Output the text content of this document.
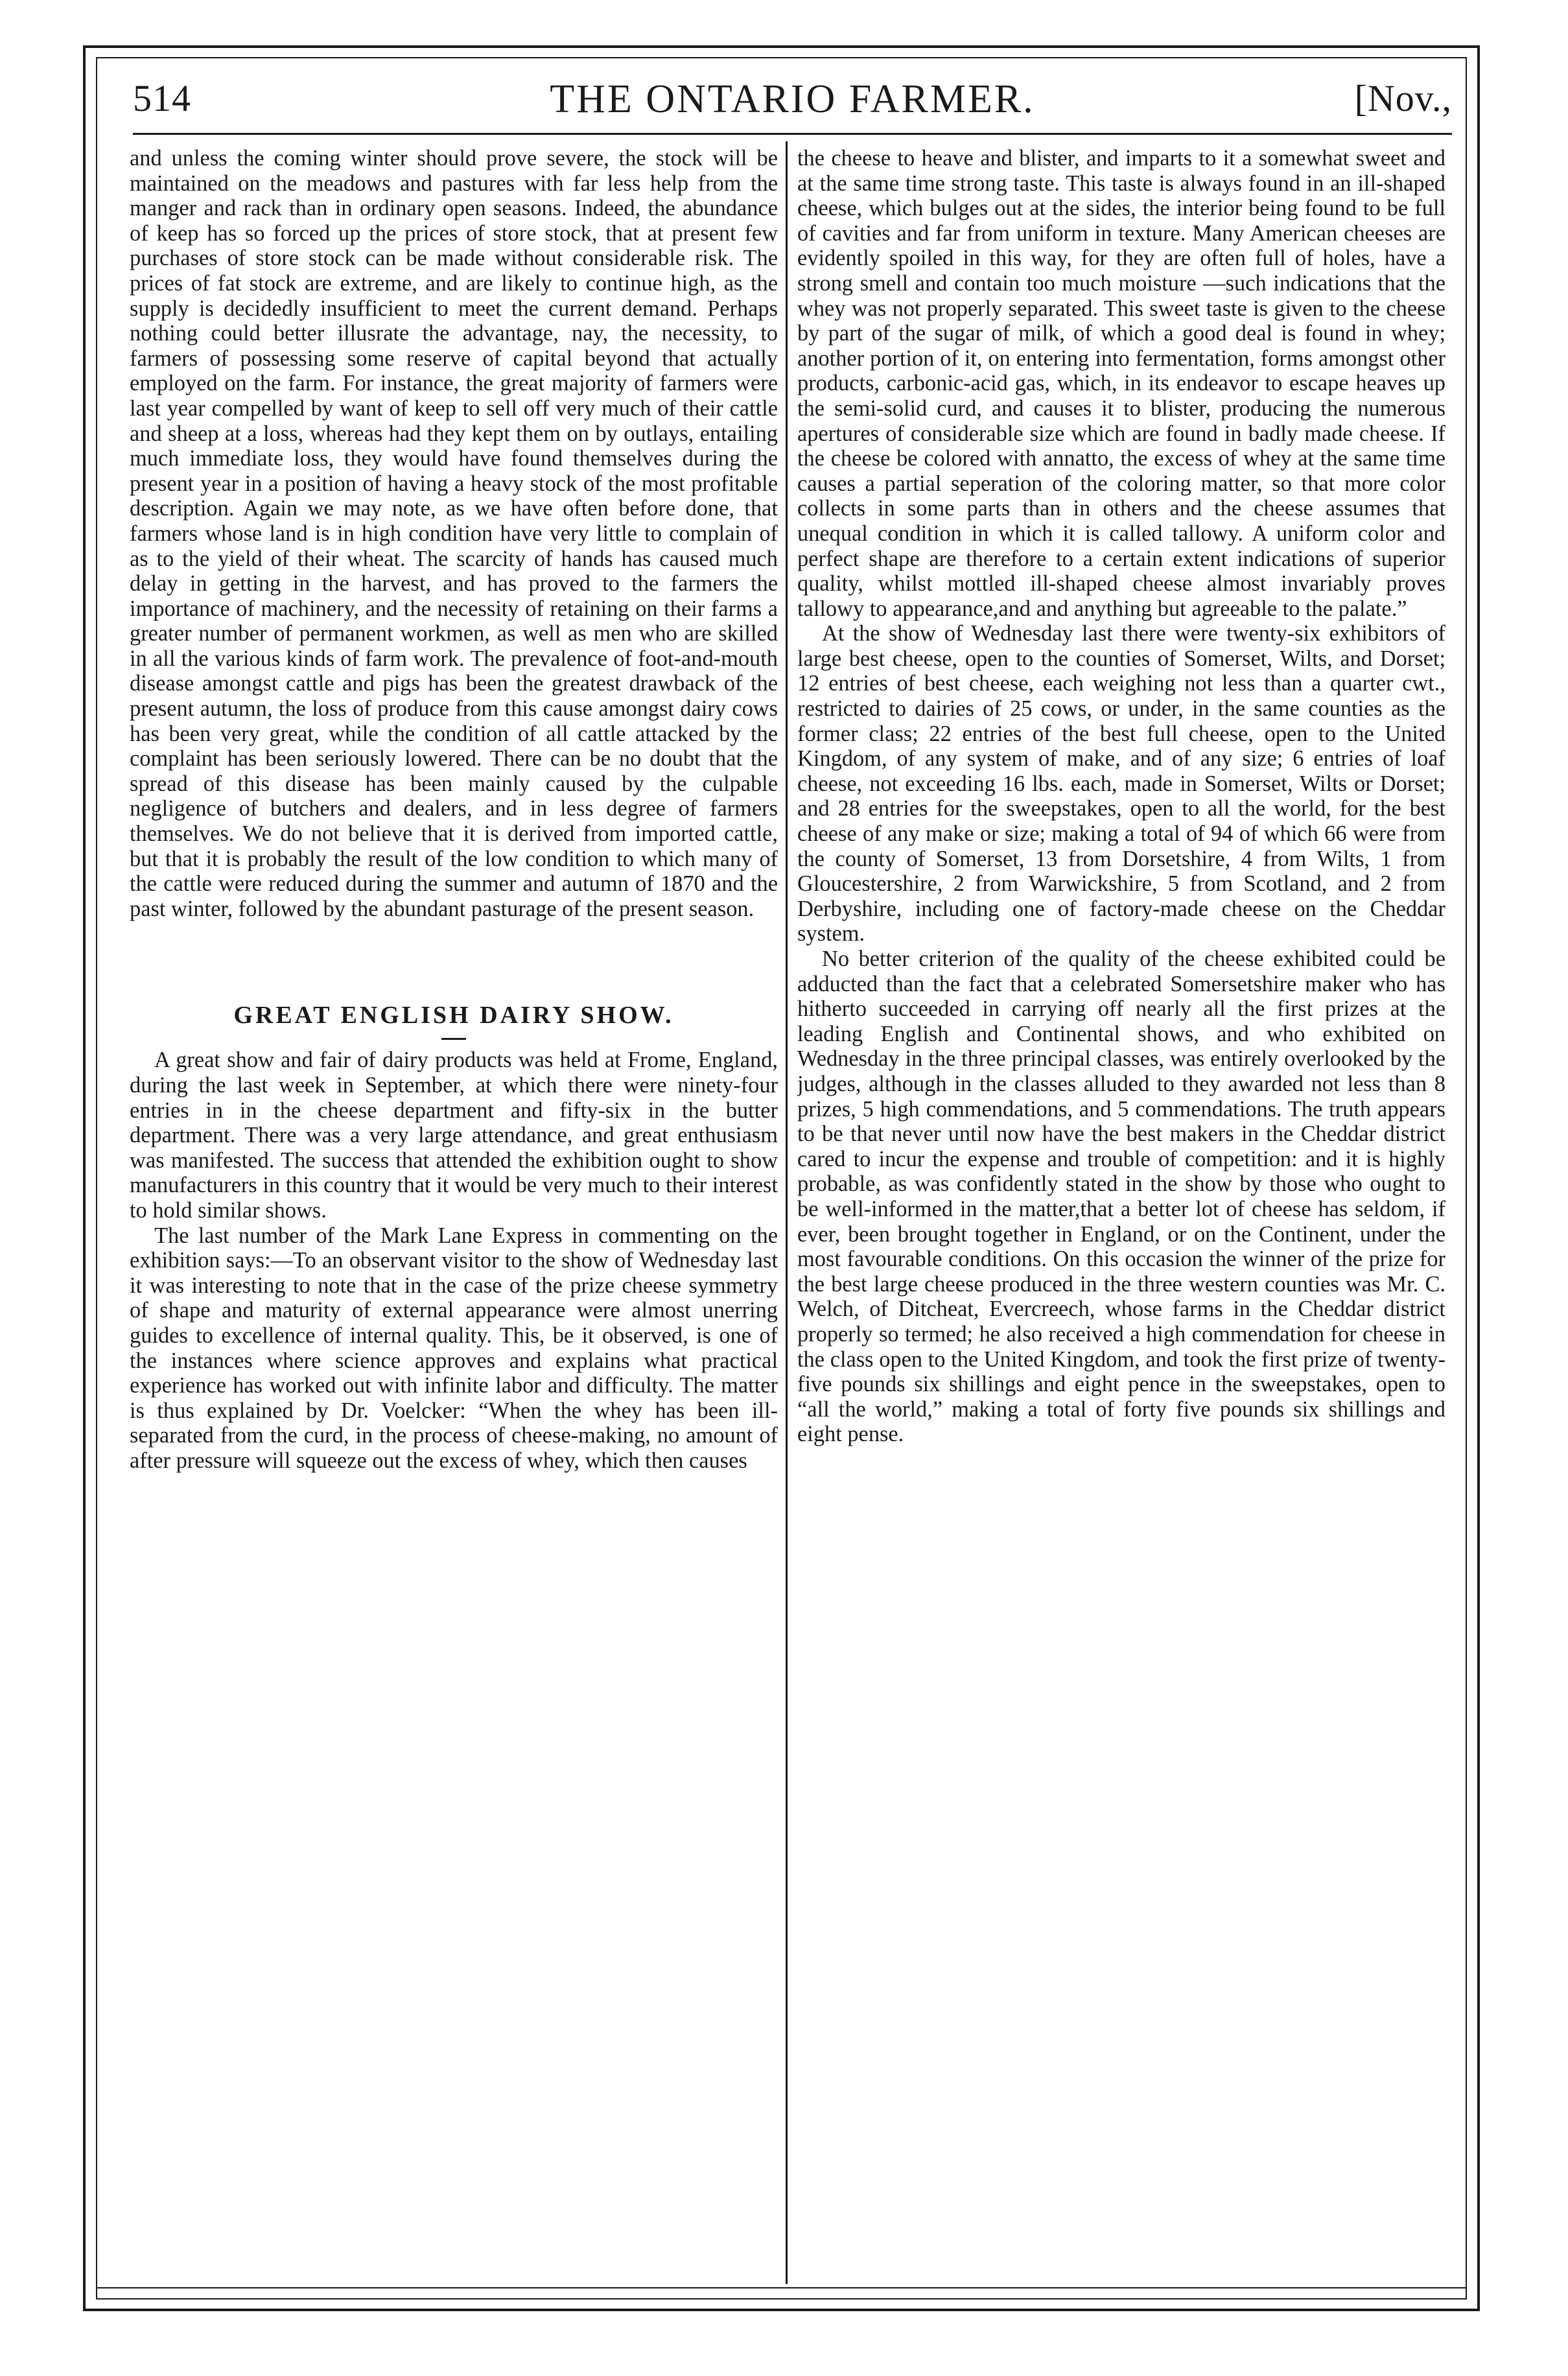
514	THE ONTARIO FARMER.	[Nov.,

and unless the coming winter should prove severe, the stock will be maintained on the meadows and pastures with far less help from the manger and rack than in ordinary open seasons. Indeed, the abundance of keep has so forced up the prices of store stock, that at present few purchases of store stock can be made without considerable risk. The prices of fat stock are extreme, and are likely to continue high, as the supply is decidedly insufficient to meet the current demand. Perhaps nothing could better illusrate the advantage, nay, the necessity, to farmers of possessing some reserve of capital beyond that actually employed on the farm. For instance, the great majority of farmers were last year compelled by want of keep to sell off very much of their cattle and sheep at a loss, whereas had they kept them on by outlays, entailing much immediate loss, they would have found themselves during the present year in a position of having a heavy stock of the most profitable description. Again we may note, as we have often before done, that farmers whose land is in high condition have very little to complain of as to the yield of their wheat. The scarcity of hands has caused much delay in getting in the harvest, and has proved to the farmers the importance of machinery, and the necessity of retaining on their farms a greater number of permanent workmen, as well as men who are skilled in all the various kinds of farm work. The prevalence of foot-and-mouth disease amongst cattle and pigs has been the greatest drawback of the present autumn, the loss of produce from this cause amongst dairy cows has been very great, while the condition of all cattle attacked by the complaint has been seriously lowered. There can be no doubt that the spread of this disease has been mainly caused by the culpable negligence of butchers and dealers, and in less degree of farmers themselves. We do not believe that it is derived from imported cattle, but that it is probably the result of the low condition to which many of the cattle were reduced during the summer and autumn of 1870 and the past winter, followed by the abundant pasturage of the present season.

GREAT ENGLISH DAIRY SHOW.

A great show and fair of dairy products was held at Frome, England, during the last week in September, at which there were ninety-four entries in in the cheese department and fifty-six in the butter department. There was a very large attendance, and great enthusiasm was manifested. The success that attended the exhibition ought to show manufacturers in this country that it would be very much to their interest to hold similar shows.

The last number of the Mark Lane Express in commenting on the exhibition says:—To an observant visitor to the show of Wednesday last it was interesting to note that in the case of the prize cheese symmetry of shape and maturity of external appearance were almost unerring guides to excellence of internal quality. This, be it observed, is one of the instances where science approves and explains what practical experience has worked out with infinite labor and difficulty. The matter is thus explained by Dr. Voelcker: “When the whey has been ill-separated from the curd, in the process of cheese-making, no amount of after pressure will squeeze out the excess of whey, which then causes

the cheese to heave and blister, and imparts to it a somewhat sweet and at the same time strong taste. This taste is always found in an ill-shaped cheese, which bulges out at the sides, the interior being found to be full of cavities and far from uniform in texture. Many American cheeses are evidently spoiled in this way, for they are often full of holes, have a strong smell and contain too much moisture —such indications that the whey was not properly separated. This sweet taste is given to the cheese by part of the sugar of milk, of which a good deal is found in whey; another portion of it, on entering into fermentation, forms amongst other products, carbonic-acid gas, which, in its endeavor to escape heaves up the semi-solid curd, and causes it to blister, producing the numerous apertures of considerable size which are found in badly made cheese. If the cheese be colored with annatto, the excess of whey at the same time causes a partial seperation of the coloring matter, so that more color collects in some parts than in others and the cheese assumes that unequal condition in which it is called tallowy. A uniform color and perfect shape are therefore to a certain extent indications of superior quality, whilst mottled ill-shaped cheese almost invariably proves tallowy to appearance,and and anything but agreeable to the palate.”

At the show of Wednesday last there were twenty-six exhibitors of large best cheese, open to the counties of Somerset, Wilts, and Dorset; 12 entries of best cheese, each weighing not less than a quarter cwt., restricted to dairies of 25 cows, or under, in the same counties as the former class; 22 entries of the best full cheese, open to the United Kingdom, of any system of make, and of any size; 6 entries of loaf cheese, not exceeding 16 lbs. each, made in Somerset, Wilts or Dorset; and 28 entries for the sweepstakes, open to all the world, for the best cheese of any make or size; making a total of 94 of which 66 were from the county of Somerset, 13 from Dorsetshire, 4 from Wilts, 1 from Gloucestershire, 2 from Warwickshire, 5 from Scotland, and 2 from Derbyshire, including one of factory-made cheese on the Cheddar system.

No better criterion of the quality of the cheese exhibited could be adducted than the fact that a celebrated Somersetshire maker who has hitherto succeeded in carrying off nearly all the first prizes at the leading English and Continental shows, and who exhibited on Wednesday in the three principal classes, was entirely overlooked by the judges, although in the classes alluded to they awarded not less than 8 prizes, 5 high commendations, and 5 commendations. The truth appears to be that never until now have the best makers in the Cheddar district cared to incur the expense and trouble of competition: and it is highly probable, as was confidently stated in the show by those who ought to be well-informed in the matter,that a better lot of cheese has seldom, if ever, been brought together in England, or on the Continent, under the most favourable conditions. On this occasion the winner of the prize for the best large cheese produced in the three western counties was Mr. C. Welch, of Ditcheat, Evercreech, whose farms in the Cheddar district properly so termed; he also received a high commendation for cheese in the class open to the United Kingdom, and took the first prize of twenty-five pounds six shillings and eight pence in the sweepstakes, open to “all the world,” making a total of forty five pounds six shillings and eight pense.
